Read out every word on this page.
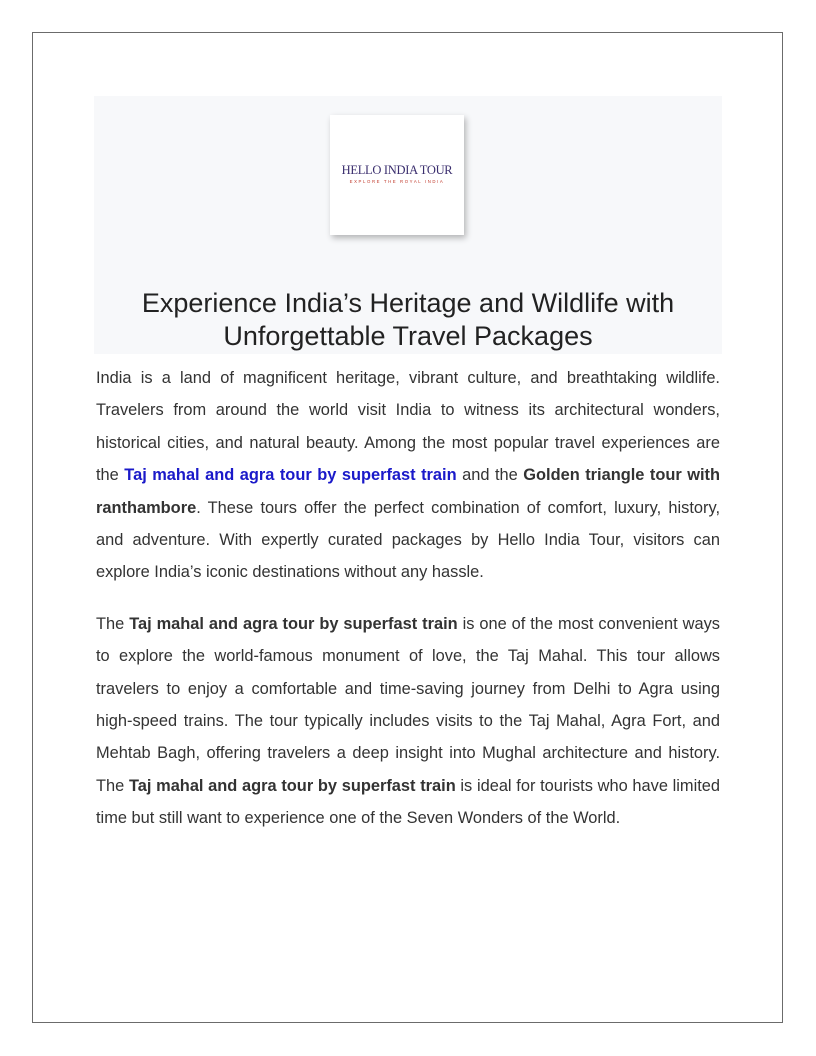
HELLO INDIA TOUR
EXPLORE THE ROYAL INDIA
Experience India’s Heritage and Wildlife with
Unforgettable Travel Packages

India is a land of magnificent heritage, vibrant culture, and breathtaking wildlife. Travelers from around the world visit India to witness its architectural wonders, historical cities, and natural beauty. Among the most popular travel experiences are the Taj mahal and agra tour by superfast train and the Golden triangle tour with ranthambore. These tours offer the perfect combination of comfort, luxury, history, and adventure. With expertly curated packages by Hello India Tour, visitors can explore India’s iconic destinations without any hassle.

The Taj mahal and agra tour by superfast train is one of the most convenient ways to explore the world-famous monument of love, the Taj Mahal. This tour allows travelers to enjoy a comfortable and time-saving journey from Delhi to Agra using high-speed trains. The tour typically includes visits to the Taj Mahal, Agra Fort, and Mehtab Bagh, offering travelers a deep insight into Mughal architecture and history. The Taj mahal and agra tour by superfast train is ideal for tourists who have limited time but still want to experience one of the Seven Wonders of the World.
